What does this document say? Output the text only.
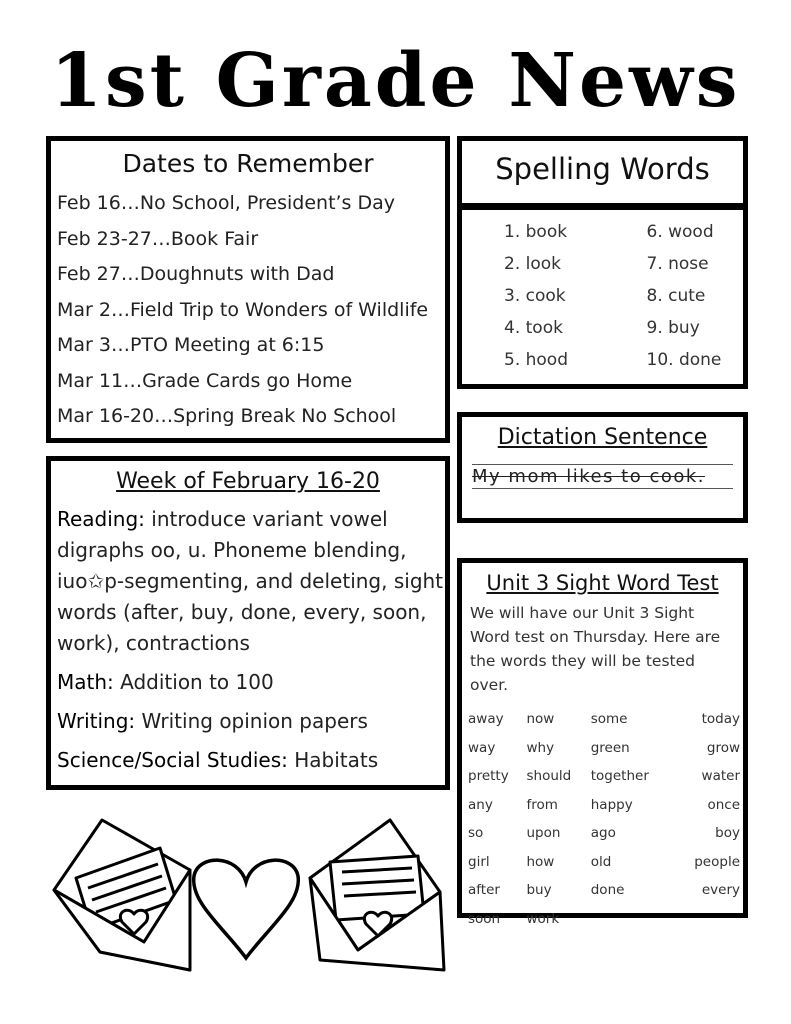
1st Grade News
Dates to Remember
Feb 16…No School, President’s Day
Feb 23-27…Book Fair
Feb 27…Doughnuts with Dad
Mar 2…Field Trip to Wonders of Wildlife
Mar 3…PTO Meeting at 6:15
Mar 11…Grade Cards go Home
Mar 16-20…Spring Break No School
Week of February 16-20

Reading: introduce variant vowel digraphs oo, u. Phoneme blending, iuo✩p-segmenting, and deleting, sight words (after, buy, done, every, soon, work), contractions

Math: Addition to 100

Writing: Writing opinion papers

Science/Social Studies: Habitats

Spelling Words
1. book
2. look
3. cook
4. took
5. hood
6. wood
7. nose
8. cute
9. buy
10. done
Dictation Sentence
My mom likes to cook.
Unit 3 Sight Word Test
We will have our Unit 3 Sight Word test on Thursday. Here are the words they will be tested over.
away	now	some	today
way	why	green	grow
pretty	should	together	water
any	from	happy	once
so	upon	ago	boy
girl	how	old	people
after	buy	done	every
soon	work		
